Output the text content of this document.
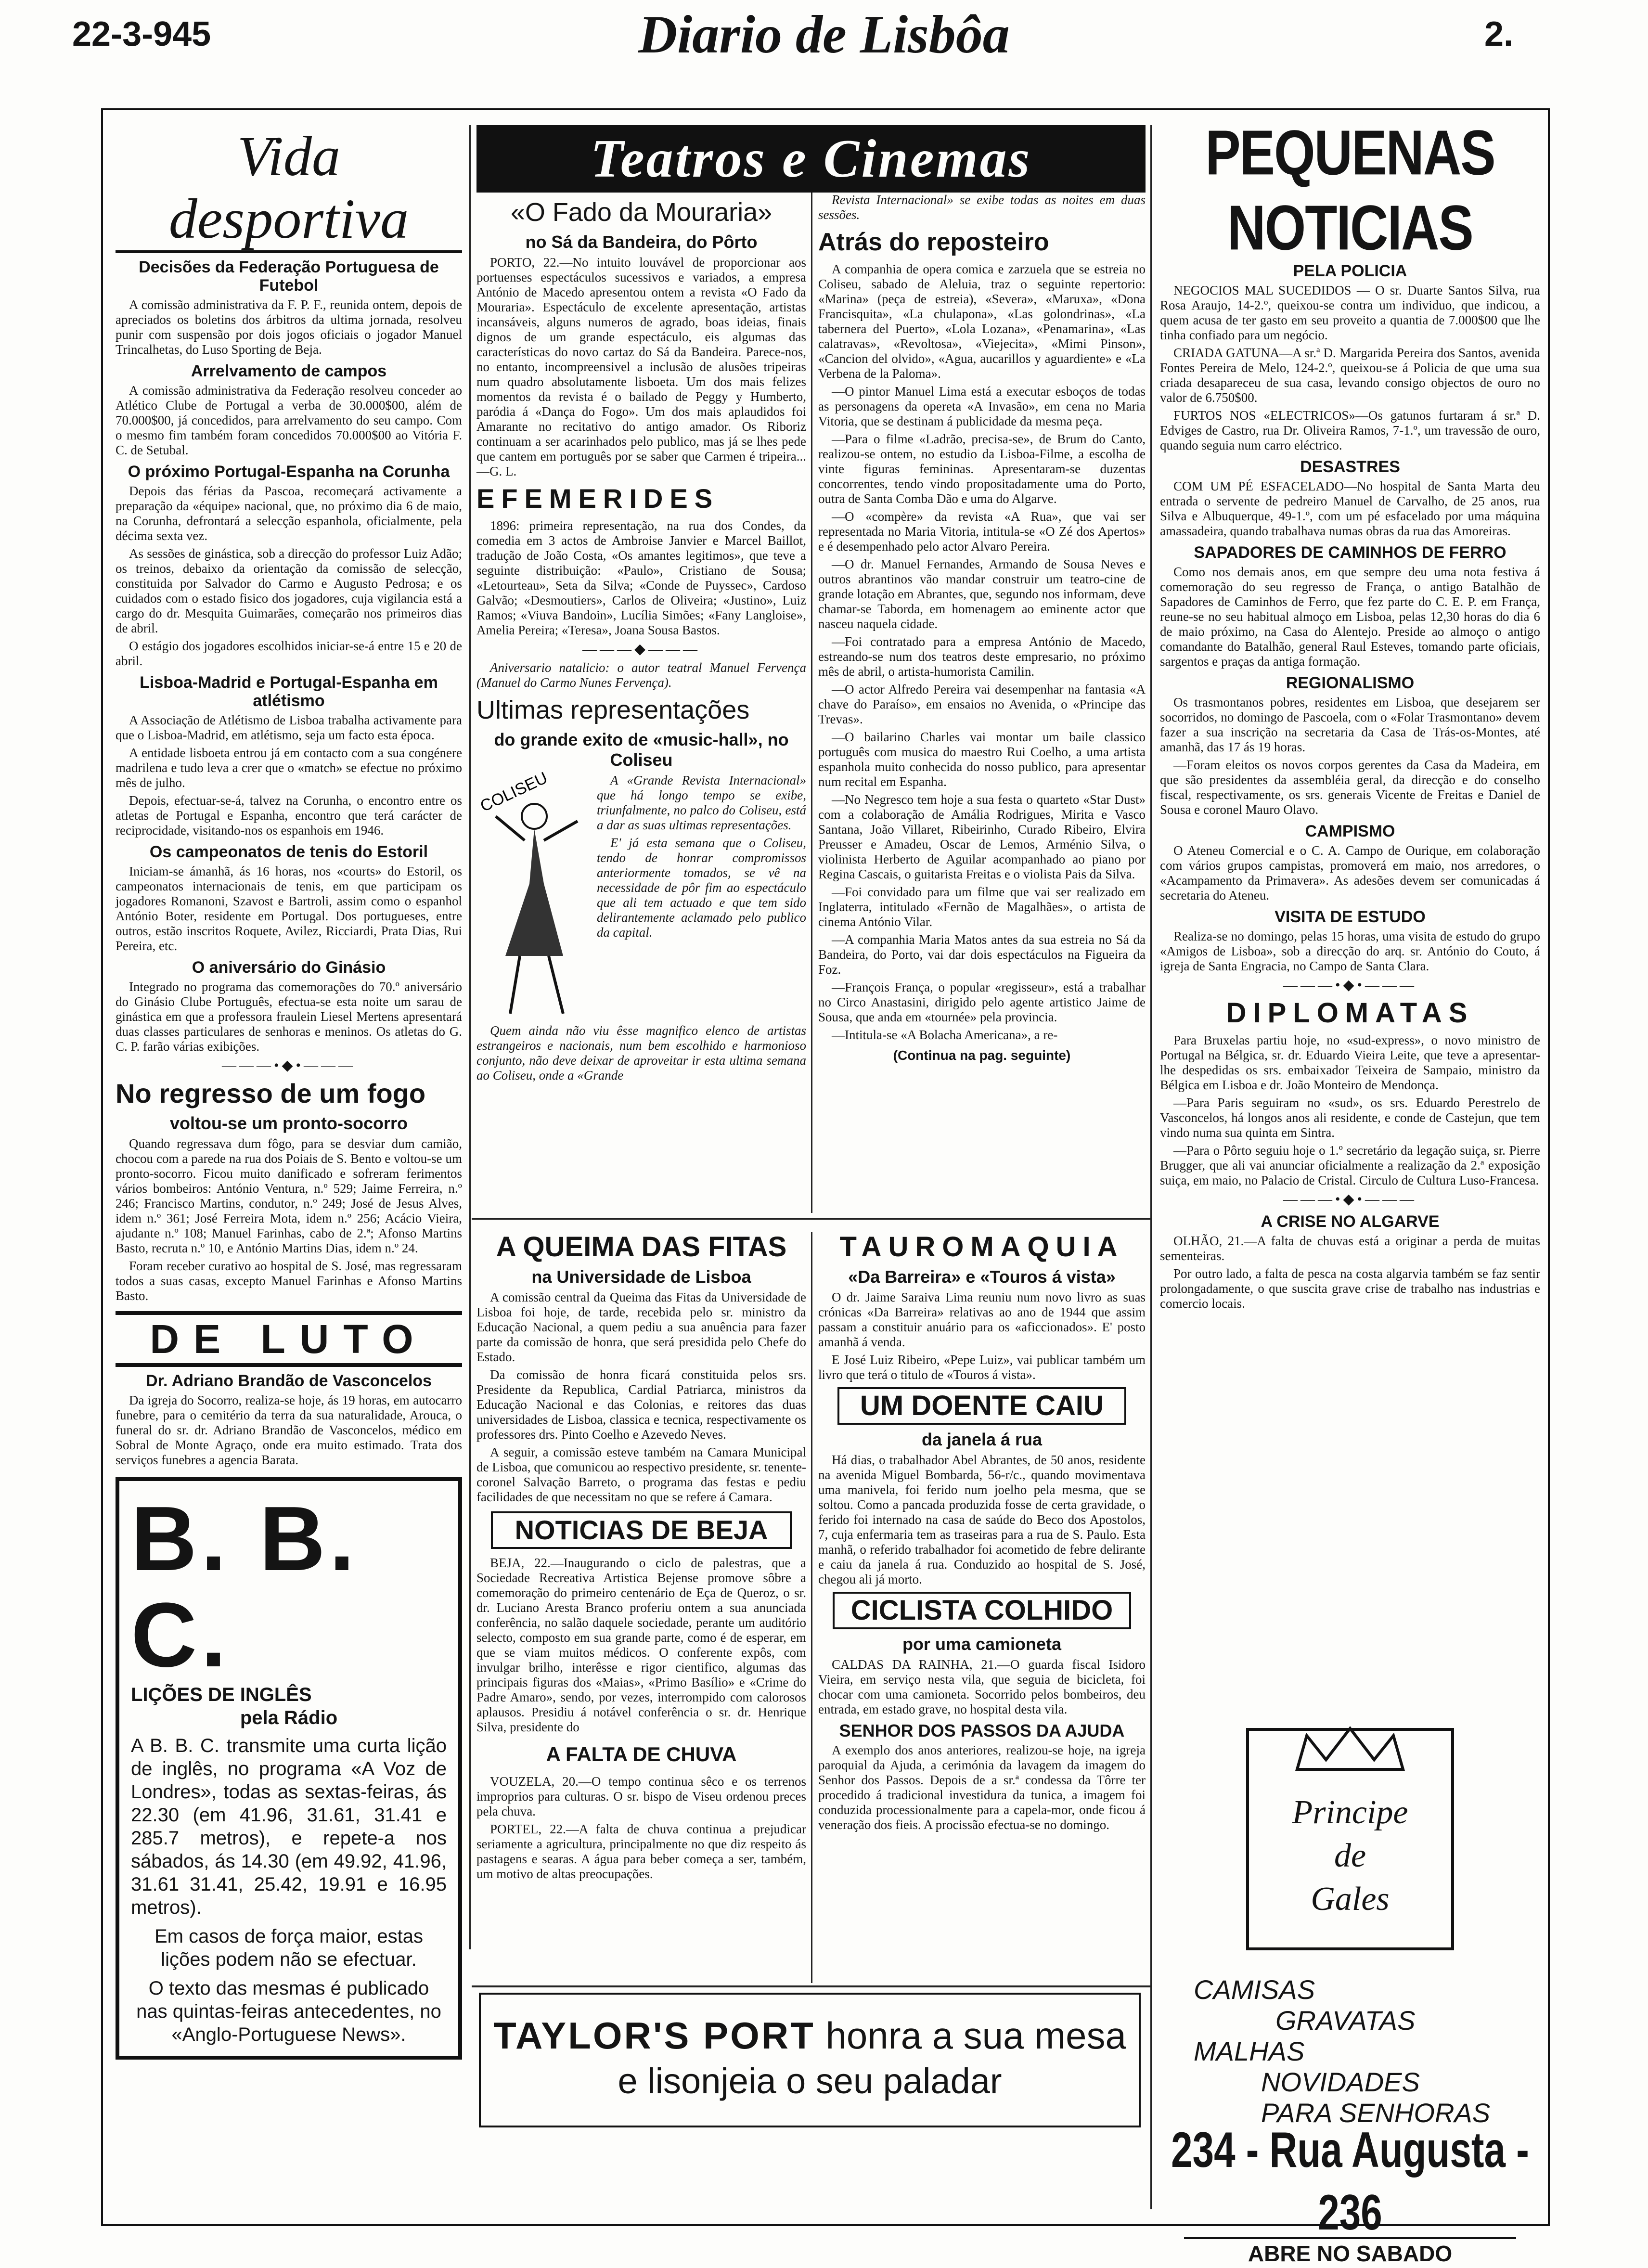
22-3-945	Diario de Lisbôa	2.
Vida desportiva
Decisões da Federação Portuguesa de Futebol

A comissão administrativa da F. P. F., reunida ontem, depois de apreciados os boletins dos árbitros da ultima jornada, resolveu punir com suspensão por dois jogos oficiais o jogador Manuel Trincalhetas, do Luso Sporting de Beja.

Arrelvamento de campos

A comissão administrativa da Federação resolveu conceder ao Atlético Clube de Portugal a verba de 30.000$00, além de 70.000$00, já concedidos, para arrelvamento do seu campo. Com o mesmo fim também foram concedidos 70.000$00 ao Vitória F. C. de Setubal.

O próximo Portugal-Espanha na Corunha

Depois das férias da Pascoa, recomeçará activamente a preparação da «équipe» nacional, que, no próximo dia 6 de maio, na Corunha, defrontará a selecção espanhola, oficialmente, pela décima sexta vez.

As sessões de ginástica, sob a direcção do professor Luiz Adão; os treinos, debaixo da orientação da comissão de selecção, constituida por Salvador do Carmo e Augusto Pedrosa; e os cuidados com o estado fisico dos jogadores, cuja vigilancia está a cargo do dr. Mesquita Guimarães, começarão nos primeiros dias de abril.

O estágio dos jogadores escolhidos iniciar-se-á entre 15 e 20 de abril.

Lisboa-Madrid e Portugal-Espanha em atlétismo

A Associação de Atlétismo de Lisboa trabalha activamente para que o Lisboa-Madrid, em atlétismo, seja um facto esta época.

A entidade lisboeta entrou já em contacto com a sua congénere madrilena e tudo leva a crer que o «match» se efectue no próximo mês de julho.

Depois, efectuar-se-á, talvez na Corunha, o encontro entre os atletas de Portugal e Espanha, encontro que terá carácter de reciprocidade, visitando-nos os espanhois em 1946.

Os campeonatos de tenis do Estoril

Iniciam-se ámanhã, ás 16 horas, nos «courts» do Estoril, os campeonatos internacionais de tenis, em que participam os jogadores Romanoni, Szavost e Bartroli, assim como o espanhol António Boter, residente em Portugal. Dos portugueses, entre outros, estão inscritos Roquete, Avilez, Ricciardi, Prata Dias, Rui Pereira, etc.

O aniversário do Ginásio

Integrado no programa das comemorações do 70.º aniversário do Ginásio Clube Português, efectua-se esta noite um sarau de ginástica em que a professora fraulein Liesel Mertens apresentará duas classes particulares de senhoras e meninos. Os atletas do G. C. P. farão várias exibições.

———•◆•———
No regresso de um fogo
voltou-se um pronto-socorro

Quando regressava dum fôgo, para se desviar dum camião, chocou com a parede na rua dos Poiais de S. Bento e voltou-se um pronto-socorro. Ficou muito danificado e sofreram ferimentos vários bombeiros: António Ventura, n.º 529; Jaime Ferreira, n.º 246; Francisco Martins, condutor, n.º 249; José de Jesus Alves, idem n.º 361; José Ferreira Mota, idem n.º 256; Acácio Vieira, ajudante n.º 108; Manuel Farinhas, cabo de 2.ª; Afonso Martins Basto, recruta n.º 10, e António Martins Dias, idem n.º 24.

Foram receber curativo ao hospital de S. José, mas regressaram todos a suas casas, excepto Manuel Farinhas e Afonso Martins Basto.

DE LUTO
Dr. Adriano Brandão de Vasconcelos

Da igreja do Socorro, realiza-se hoje, ás 19 horas, em autocarro funebre, para o cemitério da terra da sua naturalidade, Arouca, o funeral do sr. dr. Adriano Brandão de Vasconcelos, médico em Sobral de Monte Agraço, onde era muito estimado. Trata dos serviços funebres a agencia Barata.

B. B. C.
LIÇÕES DE INGLÊS
pela Rádio
A B. B. C. transmite uma curta lição de inglês, no programa «A Voz de Londres», todas as sextas-feiras, ás 22.30 (em 41.96, 31.61, 31.41 e 285.7 metros), e repete-a nos sábados, ás 14.30 (em 49.92, 41.96, 31.61 31.41, 25.42, 19.91 e 16.95 metros).
Em casos de força maior, estas lições podem não se efectuar.
O texto das mesmas é publicado nas quintas-feiras antecedentes, no «Anglo-Portuguese News».
Teatros e Cinemas
«O Fado da Mouraria»
no Sá da Bandeira, do Pôrto

PORTO, 22.—No intuito louvável de proporcionar aos portuenses espectáculos sucessivos e variados, a empresa António de Macedo apresentou ontem a revista «O Fado da Mouraria». Espectáculo de excelente apresentação, artistas incansáveis, alguns numeros de agrado, boas ideias, finais dignos de um grande espectáculo, eis algumas das características do novo cartaz do Sá da Bandeira. Parece-nos, no entanto, incompreensivel a inclusão de alusões tripeiras num quadro absolutamente lisboeta. Um dos mais felizes momentos da revista é o bailado de Peggy y Humberto, paródia á «Dança do Fogo». Um dos mais aplaudidos foi Amarante no recitativo do antigo amador. Os Riboriz continuam a ser acarinhados pelo publico, mas já se lhes pede que cantem em português por se saber que Carmen é tripeira...—G. L.

EFEMERIDES

1896: primeira representação, na rua dos Condes, da comedia em 3 actos de Ambroise Janvier e Marcel Baillot, tradução de João Costa, «Os amantes legitimos», que teve a seguinte distribuição: «Paulo», Cristiano de Sousa; «Letourteau», Seta da Silva; «Conde de Puyssec», Cardoso Galvão; «Desmoutiers», Carlos de Oliveira; «Justino», Luiz Ramos; «Viuva Bandoin», Lucília Simões; «Fany Langloise», Amelia Pereira; «Teresa», Joana Sousa Bastos.

———◆———

Aniversario natalicio: o autor teatral Manuel Fervença (Manuel do Carmo Nunes Fervença).

Ultimas representações
do grande exito de «music-hall», no Coliseu
COLISEU	A «Grande Revista Internacional» que há longo tempo se exibe, triunfalmente, no palco do Coliseu, está a dar as suas ultimas representações.

E' já esta semana que o Coliseu, tendo de honrar compromissos anteriormente tomados, se vê na necessidade de pôr fim ao espectáculo que ali tem actuado e que tem sido delirantemente aclamado pelo publico da capital.

Quem ainda não viu êsse magnifico elenco de artistas estrangeiros e nacionais, num bem escolhido e harmonioso conjunto, não deve deixar de aproveitar ir esta ultima semana ao Coliseu, onde a «Grande

Revista Internacional» se exibe todas as noites em duas sessões.

Atrás do reposteiro

A companhia de opera comica e zarzuela que se estreia no Coliseu, sabado de Aleluia, traz o seguinte repertorio: «Marina» (peça de estreia), «Severa», «Maruxa», «Dona Francisquita», «La chulapona», «Las golondrinas», «La tabernera del Puerto», «Lola Lozana», «Penamarina», «Las calatravas», «Revoltosa», «Viejecita», «Mimi Pinson», «Cancion del olvido», «Agua, aucarillos y aguardiente» e «La Verbena de la Paloma».

—O pintor Manuel Lima está a executar esboços de todas as personagens da opereta «A Invasão», em cena no Maria Vitoria, que se destinam á publicidade da mesma peça.

—Para o filme «Ladrão, precisa-se», de Brum do Canto, realizou-se ontem, no estudio da Lisboa-Filme, a escolha de vinte figuras femininas. Apresentaram-se duzentas concorrentes, tendo vindo propositadamente uma do Porto, outra de Santa Comba Dão e uma do Algarve.

—O «compère» da revista «A Rua», que vai ser representada no Maria Vitoria, intitula-se «O Zé dos Apertos» e é desempenhado pelo actor Alvaro Pereira.

—O dr. Manuel Fernandes, Armando de Sousa Neves e outros abrantinos vão mandar construir um teatro-cine de grande lotação em Abrantes, que, segundo nos informam, deve chamar-se Taborda, em homenagem ao eminente actor que nasceu naquela cidade.

—Foi contratado para a empresa António de Macedo, estreando-se num dos teatros deste empresario, no próximo mês de abril, o artista-humorista Camilin.

—O actor Alfredo Pereira vai desempenhar na fantasia «A chave do Paraíso», em ensaios no Avenida, o «Principe das Trevas».

—O bailarino Charles vai montar um baile classico português com musica do maestro Rui Coelho, a uma artista espanhola muito conhecida do nosso publico, para apresentar num recital em Espanha.

—No Negresco tem hoje a sua festa o quarteto «Star Dust» com a colaboração de Amália Rodrigues, Mirita e Vasco Santana, João Villaret, Ribeirinho, Curado Ribeiro, Elvira Preusser e Amadeu, Oscar de Lemos, Arménio Silva, o violinista Herberto de Aguilar acompanhado ao piano por Regina Cascais, o guitarista Freitas e o violista Pais da Silva.

—Foi convidado para um filme que vai ser realizado em Inglaterra, intitulado «Fernão de Magalhães», o artista de cinema António Vilar.

—A companhia Maria Matos antes da sua estreia no Sá da Bandeira, do Porto, vai dar dois espectáculos na Figueira da Foz.

—François França, o popular «regisseur», está a trabalhar no Circo Anastasini, dirigido pelo agente artistico Jaime de Sousa, que anda em «tournée» pela provincia.

—Intitula-se «A Bolacha Americana», a re-

(Continua na pag. seguinte)
A QUEIMA DAS FITAS
na Universidade de Lisboa

A comissão central da Queima das Fitas da Universidade de Lisboa foi hoje, de tarde, recebida pelo sr. ministro da Educação Nacional, a quem pediu a sua anuência para fazer parte da comissão de honra, que será presidida pelo Chefe do Estado.

Da comissão de honra ficará constituida pelos srs. Presidente da Republica, Cardial Patriarca, ministros da Educação Nacional e das Colonias, e reitores das duas universidades de Lisboa, classica e tecnica, respectivamente os professores drs. Pinto Coelho e Azevedo Neves.

A seguir, a comissão esteve também na Camara Municipal de Lisboa, que comunicou ao respectivo presidente, sr. tenente-coronel Salvação Barreto, o programa das festas e pediu facilidades de que necessitam no que se refere á Camara.

NOTICIAS DE BEJA

BEJA, 22.—Inaugurando o ciclo de palestras, que a Sociedade Recreativa Artistica Bejense promove sôbre a comemoração do primeiro centenário de Eça de Queroz, o sr. dr. Luciano Aresta Branco proferiu ontem a sua anunciada conferência, no salão daquele sociedade, perante um auditório selecto, composto em sua grande parte, como é de esperar, em que se viam muitos médicos. O conferente expôs, com invulgar brilho, interêsse e rigor cientifico, algumas das principais figuras dos «Maias», «Primo Basílio» e «Crime do Padre Amaro», sendo, por vezes, interrompido com calorosos aplausos. Presidiu á notável conferência o sr. dr. Henrique Silva, presidente do

A FALTA DE CHUVA

VOUZELA, 20.—O tempo continua sêco e os terrenos improprios para culturas. O sr. bispo de Viseu ordenou preces pela chuva.

PORTEL, 22.—A falta de chuva continua a prejudicar seriamente a agricultura, principalmente no que diz respeito ás pastagens e searas. A água para beber começa a ser, também, um motivo de altas preocupações.

TAUROMAQUIA
«Da Barreira» e «Touros á vista»

O dr. Jaime Saraiva Lima reuniu num novo livro as suas crónicas «Da Barreira» relativas ao ano de 1944 que assim passam a constituir anuário para os «aficcionados». E' posto amanhã á venda.

E José Luiz Ribeiro, «Pepe Luiz», vai publicar também um livro que terá o titulo de «Touros á vista».

UM DOENTE CAIU
da janela á rua

Há dias, o trabalhador Abel Abrantes, de 50 anos, residente na avenida Miguel Bombarda, 56-r/c., quando movimentava uma manivela, foi ferido num joelho pela mesma, que se soltou. Como a pancada produzida fosse de certa gravidade, o ferido foi internado na casa de saúde do Beco dos Apostolos, 7, cuja enfermaria tem as traseiras para a rua de S. Paulo. Esta manhã, o referido trabalhador foi acometido de febre delirante e caiu da janela á rua. Conduzido ao hospital de S. José, chegou ali já morto.

CICLISTA COLHIDO
por uma camioneta

CALDAS DA RAINHA, 21.—O guarda fiscal Isidoro Vieira, em serviço nesta vila, que seguia de bicicleta, foi chocar com uma camioneta. Socorrido pelos bombeiros, deu entrada, em estado grave, no hospital desta vila.

SENHOR DOS PASSOS DA AJUDA

A exemplo dos anos anteriores, realizou-se hoje, na igreja paroquial da Ajuda, a cerimónia da lavagem da imagem do Senhor dos Passos. Depois de a sr.ª condessa da Tôrre ter procedido á tradicional investidura da tunica, a imagem foi conduzida processionalmente para a capela-mor, onde ficou á veneração dos fieis. A procissão efectua-se no domingo.

TAYLOR'S PORT honra a sua mesa
e lisonjeia o seu paladar
PEQUENAS NOTICIAS
PELA POLICIA

NEGOCIOS MAL SUCEDIDOS — O sr. Duarte Santos Silva, rua Rosa Araujo, 14-2.º, queixou-se contra um individuo, que indicou, a quem acusa de ter gasto em seu proveito a quantia de 7.000$00 que lhe tinha confiado para um negócio.

CRIADA GATUNA—A sr.ª D. Margarida Pereira dos Santos, avenida Fontes Pereira de Melo, 124-2.º, queixou-se á Policia de que uma sua criada desapareceu de sua casa, levando consigo objectos de ouro no valor de 6.750$00.

FURTOS NOS «ELECTRICOS»—Os gatunos furtaram á sr.ª D. Edviges de Castro, rua Dr. Oliveira Ramos, 7-1.º, um travessão de ouro, quando seguia num carro eléctrico.

DESASTRES

COM UM PÉ ESFACELADO—No hospital de Santa Marta deu entrada o servente de pedreiro Manuel de Carvalho, de 25 anos, rua Silva e Albuquerque, 49-1.º, com um pé esfacelado por uma máquina amassadeira, quando trabalhava numas obras da rua das Amoreiras.

SAPADORES DE CAMINHOS DE FERRO

Como nos demais anos, em que sempre deu uma nota festiva á comemoração do seu regresso de França, o antigo Batalhão de Sapadores de Caminhos de Ferro, que fez parte do C. E. P. em França, reune-se no seu habitual almoço em Lisboa, pelas 12,30 horas do dia 6 de maio próximo, na Casa do Alentejo. Preside ao almoço o antigo comandante do Batalhão, general Raul Esteves, tomando parte oficiais, sargentos e praças da antiga formação.

REGIONALISMO

Os trasmontanos pobres, residentes em Lisboa, que desejarem ser socorridos, no domingo de Pascoela, com o «Folar Trasmontano» devem fazer a sua inscrição na secretaria da Casa de Trás-os-Montes, até amanhã, das 17 ás 19 horas.

—Foram eleitos os novos corpos gerentes da Casa da Madeira, em que são presidentes da assembléia geral, da direcção e do conselho fiscal, respectivamente, os srs. generais Vicente de Freitas e Daniel de Sousa e coronel Mauro Olavo.

CAMPISMO

O Ateneu Comercial e o C. A. Campo de Ourique, em colaboração com vários grupos campistas, promoverá em maio, nos arredores, o «Acampamento da Primavera». As adesões devem ser comunicadas á secretaria do Ateneu.

VISITA DE ESTUDO

Realiza-se no domingo, pelas 15 horas, uma visita de estudo do grupo «Amigos de Lisboa», sob a direcção do arq. sr. António do Couto, á igreja de Santa Engracia, no Campo de Santa Clara.

———•◆•———
DIPLOMATAS

Para Bruxelas partiu hoje, no «sud-express», o novo ministro de Portugal na Bélgica, sr. dr. Eduardo Vieira Leite, que teve a apresentar-lhe despedidas os srs. embaixador Teixeira de Sampaio, ministro da Bélgica em Lisboa e dr. João Monteiro de Mendonça.

—Para Paris seguiram no «sud», os srs. Eduardo Perestrelo de Vasconcelos, há longos anos ali residente, e conde de Castejun, que tem vindo numa sua quinta em Sintra.

—Para o Pôrto seguiu hoje o 1.º secretário da legação suiça, sr. Pierre Brugger, que ali vai anunciar oficialmente a realização da 2.ª exposição suiça, em maio, no Palacio de Cristal. Circulo de Cultura Luso-Francesa.

———•◆•———
A CRISE NO ALGARVE

OLHÃO, 21.—A falta de chuvas está a originar a perda de muitas sementeiras.

Por outro lado, a falta de pesca na costa algarvia também se faz sentir prolongadamente, o que suscita grave crise de trabalho nas industrias e comercio locais.

Principe
de
Gales
CAMISAS
GRAVATAS
MALHAS
NOVIDADES
PARA SENHORAS
234 - Rua Augusta - 236
ABRE NO SABADO
